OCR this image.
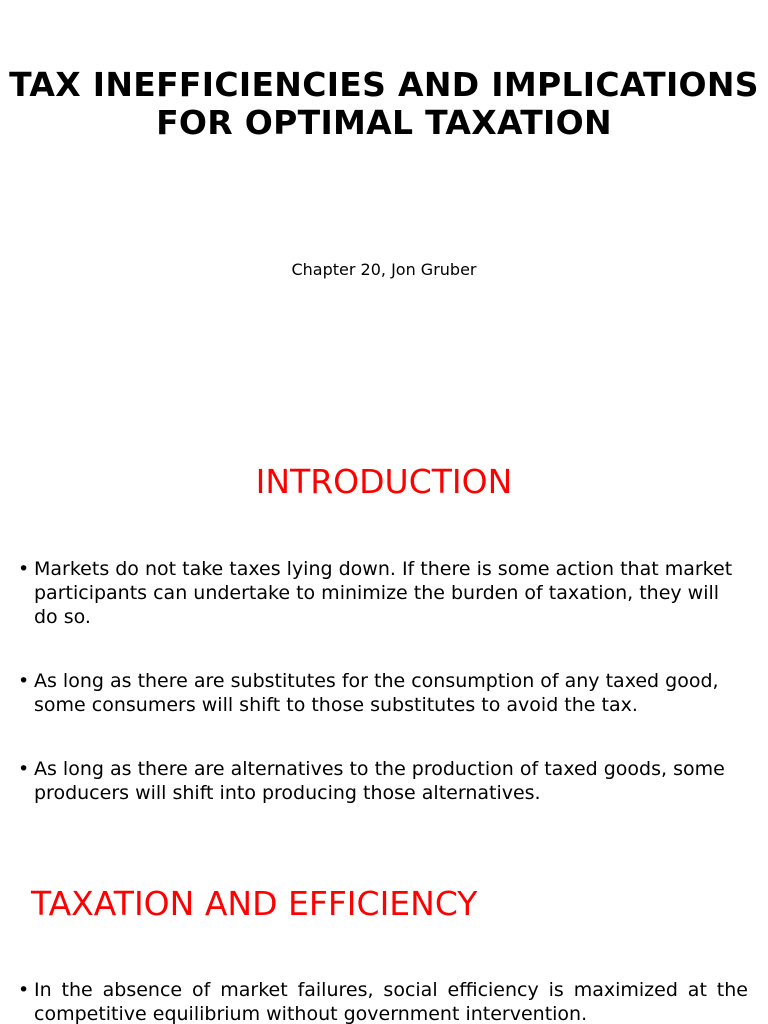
TAX INEFFICIENCIES AND IMPLICATIONS FOR OPTIMAL TAXATION
Chapter 20, Jon Gruber
INTRODUCTION
• Markets do not take taxes lying down. If there is some action that market participants can undertake to minimize the burden of taxation, they will do so.
• As long as there are substitutes for the consumption of any taxed good, some consumers will shift to those substitutes to avoid the tax.
• As long as there are alternatives to the production of taxed goods, some producers will shift into producing those alternatives.
TAXATION AND EFFICIENCY
• In the absence of market failures, social efficiency is maximized at the competitive equilibrium without government intervention.
